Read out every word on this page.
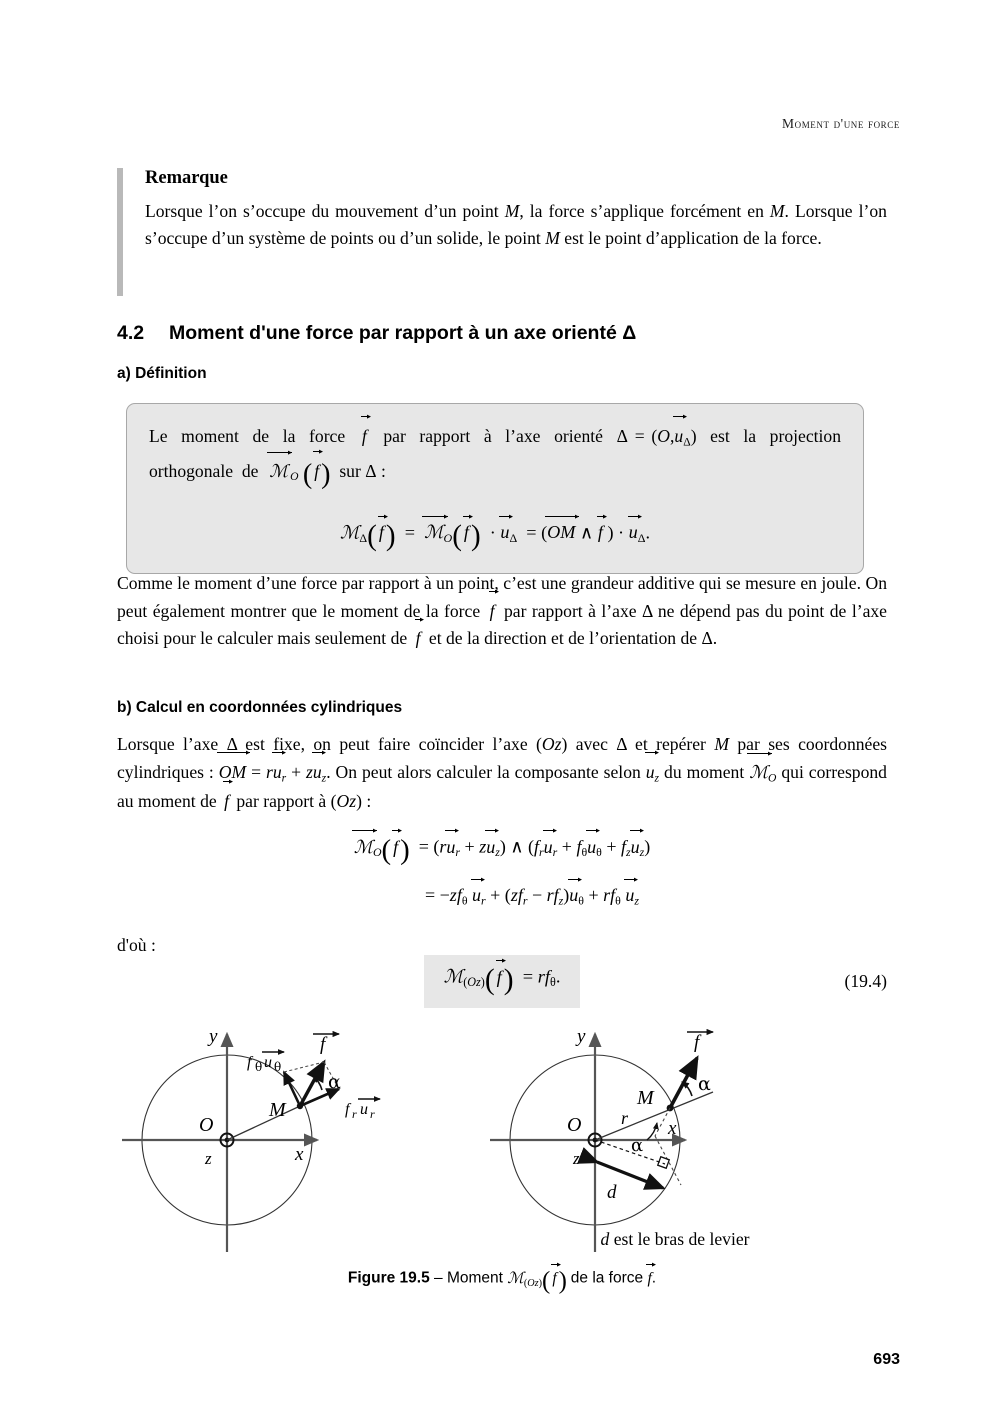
Moment d'une force
Remarque
Lorsque l’on s’occupe du mouvement d’un point M, la force s’applique forcément en M. Lorsque l’on s’occupe d’un système de points ou d’un solide, le point M est le point d’application de la force.
4.2 Moment d'une force par rapport à un axe orienté Δ
a) Définition
Le  moment  de  la  force  f  par  rapport  à  l’axe  orienté  $\Delta = (O,u_\Delta)$  est  la  projection orthogonale  de  ℳ $_O$ ( f)  sur Δ :
ℳ$_\Delta$( f)  =  ℳ$_O$( $f) \cdot u_\Delta = (OM$ ∧ f ) · $u_\Delta$.
Comme le moment d’une force par rapport à un point, c’est une grandeur additive qui se mesure en joule. On peut également montrer que le moment de la force f par rapport à l’axe Δ ne dépend pas du point de l’axe choisi pour le calculer mais seulement de f et de la direction et de l’orientation de Δ.
b) Calcul en coordonnées cylindriques
Lorsque l’axe Δ est fixe, on peut faire coïncider l’axe (Oz) avec Δ et repérer M par ses coordonnées cylindriques : OM = $ru_r + zu_z$. On peut alors calculer la composante selon $u_z$ du moment ℳ$_O$ qui correspond au moment de f par rapport à (Oz) :
ℳ$_O$( $f) = (ru_r + zu_z)$ ∧ $(f_ru_r + f_\theta u_\theta + f_zu_z)$
= $-zf_\theta$ $u_r + (zf_r - rf_z)u_\theta + rf_\theta$ $u_z$
d'où :
ℳ$_{(Oz)}$( $f) = rf_\theta$.	(19.4)
y
x
O
z
M
α
f
f θ u θ
f r u r
y
x
O
z
M
r
α
α
d
f
d est le bras de levier
Figure 19.5 – Moment ℳ$_{(Oz)}$( f) de la force f.
693
